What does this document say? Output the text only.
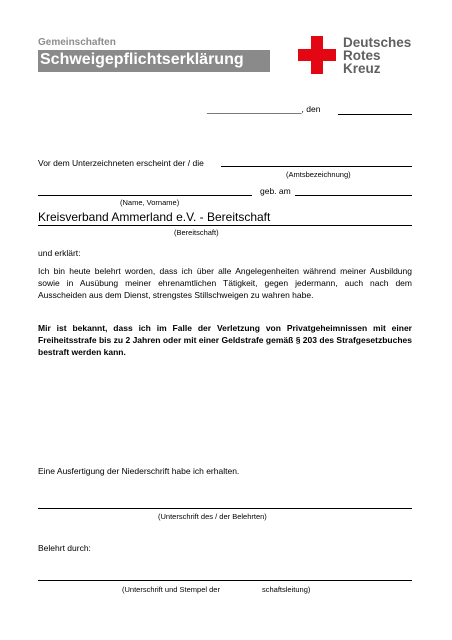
Gemeinschaften
Schweigepflichtserklärung
Deutsches
Rotes
Kreuz
____________________, den
Vor dem Unterzeichneten erscheint der / die
(Amtsbezeichnung)
geb. am
(Name, Vorname)
Kreisverband Ammerland e.V. - Bereitschaft
(Bereitschaft)
und erklärt:
Ich bin heute belehrt worden, dass ich über alle Angelegenheiten während meiner Ausbildung sowie in Ausübung meiner ehrenamtlichen Tätigkeit, gegen jedermann, auch nach dem Ausscheiden aus dem Dienst, strengstes Stillschweigen zu wahren habe.
Mir ist bekannt, dass ich im Falle der Verletzung von Privatgeheimnissen mit einer Freiheitsstrafe bis zu 2 Jahren oder mit einer Geldstrafe gemäß § 203 des Strafgesetzbuches bestraft werden kann.
Eine Ausfertigung der Niederschrift habe ich erhalten.
(Unterschrift des / der Belehrten)
Belehrt durch:
(Unterschrift und Stempel der	schaftsleitung)
